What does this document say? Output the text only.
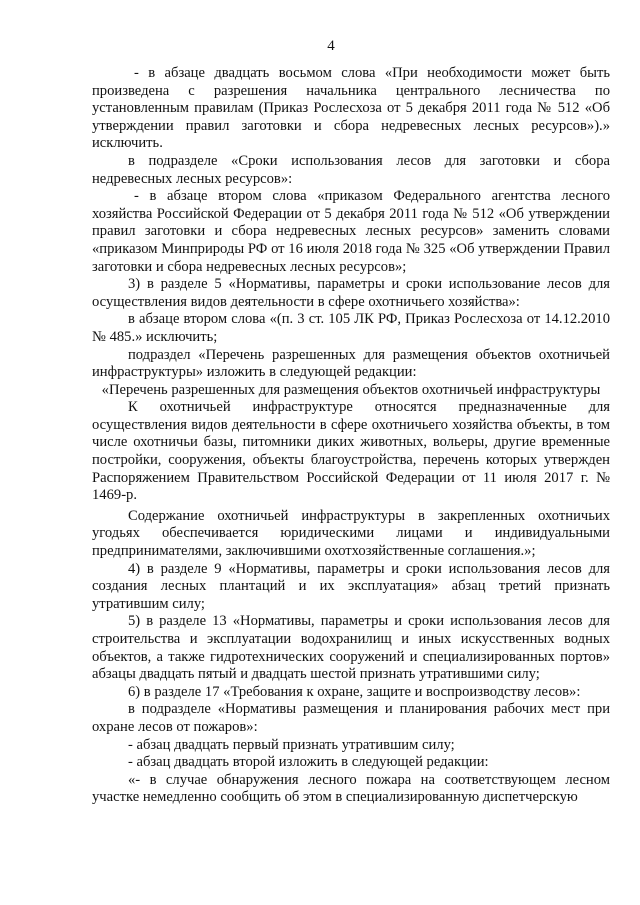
4

- в абзаце двадцать восьмом слова «При необходимости может быть произведена с разрешения начальника центрального лесничества по установленным правилам (Приказ Рослесхоза от 5 декабря 2011 года № 512 «Об утверждении правил заготовки и сбора недревесных лесных ресурсов»).» исключить.

в подразделе «Сроки использования лесов для заготовки и сбора недревесных лесных ресурсов»:

- в абзаце втором слова «приказом Федерального агентства лесного хозяйства Российской Федерации от 5 декабря 2011 года № 512 «Об утверждении правил заготовки и сбора недревесных лесных ресурсов» заменить словами «приказом Минприроды РФ от 16 июля 2018 года № 325 «Об утверждении Правил заготовки и сбора недревесных лесных ресурсов»;

3) в разделе 5 «Нормативы, параметры и сроки использование лесов для осуществления видов деятельности в сфере охотничьего хозяйства»:

в абзаце втором слова «(п. 3 ст. 105 ЛК РФ, Приказ Рослесхоза от 14.12.2010 № 485.» исключить;

подраздел «Перечень разрешенных для размещения объектов охотничьей инфраструктуры» изложить в следующей редакции:

«Перечень разрешенных для размещения объектов охотничьей инфраструктуры

К охотничьей инфраструктуре относятся предназначенные для осуществления видов деятельности в сфере охотничьего хозяйства объекты, в том числе охотничьи базы, питомники диких животных, вольеры, другие временные постройки, сооружения, объекты благоустройства, перечень которых утвержден Распоряжением Правительством Российской Федерации от 11 июля 2017 г. № 1469-р.

Содержание охотничьей инфраструктуры в закрепленных охотничьих угодьях обеспечивается юридическими лицами и индивидуальными предпринимателями, заключившими охотхозяйственные соглашения.»;

4) в разделе 9 «Нормативы, параметры и сроки использования лесов для создания лесных плантаций и их эксплуатация» абзац третий признать утратившим силу;

5) в разделе 13 «Нормативы, параметры и сроки использования лесов для строительства и эксплуатации водохранилищ и иных искусственных водных объектов, а также гидротехнических сооружений и специализированных портов» абзацы двадцать пятый и двадцать шестой признать утратившими силу;

6) в разделе 17 «Требования к охране, защите и воспроизводству лесов»:

в подразделе «Нормативы размещения и планирования рабочих мест при охране лесов от пожаров»:

- абзац двадцать первый признать утратившим силу;

- абзац двадцать второй изложить в следующей редакции:

«- в случае обнаружения лесного пожара на соответствующем лесном участке немедленно сообщить об этом в специализированную диспетчерскую
